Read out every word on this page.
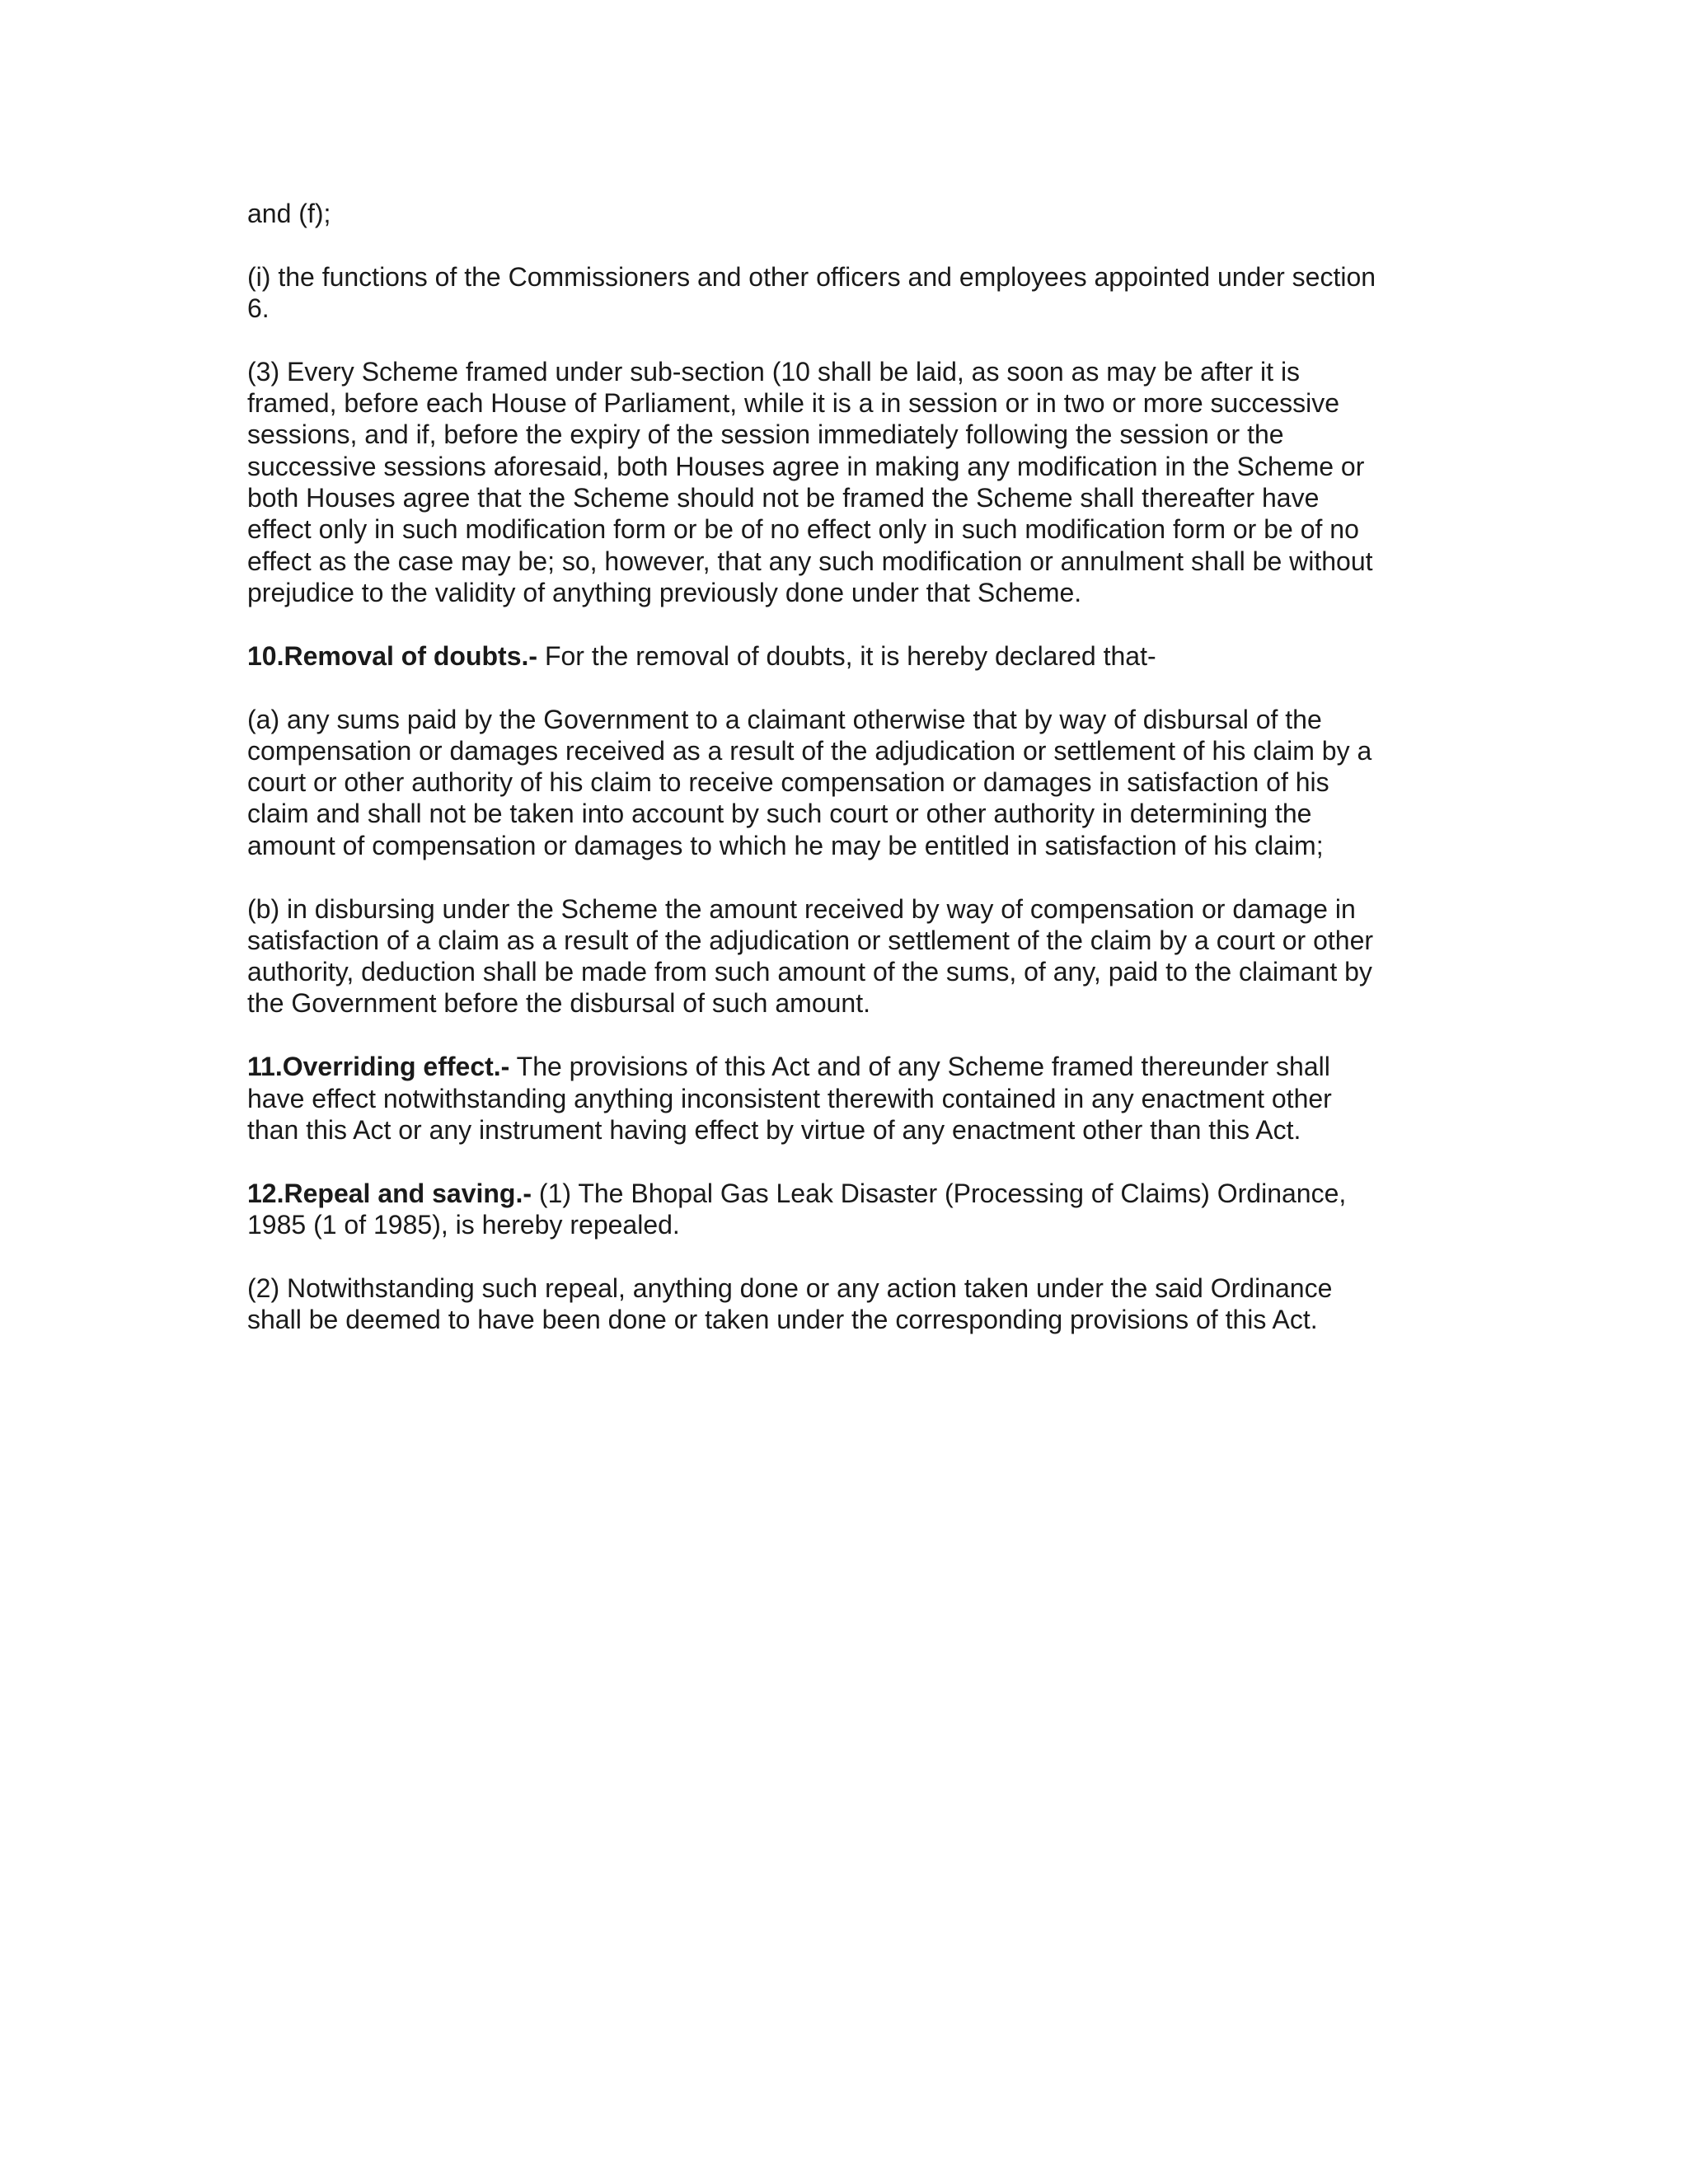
and (f);

(i) the functions of the Commissioners and other officers and employees appointed under section
6.

(3) Every Scheme framed under sub-section (10 shall be laid, as soon as may be after it is
framed, before each House of Parliament, while it is a in session or in two or more successive
sessions, and if, before the expiry of the session immediately following the session or the
successive sessions aforesaid, both Houses agree in making any modification in the Scheme or
both Houses agree that the Scheme should not be framed the Scheme shall thereafter have
effect only in such modification form or be of no effect only in such modification form or be of no
effect as the case may be; so, however, that any such modification or annulment shall be without
prejudice to the validity of anything previously done under that Scheme.

10.Removal of doubts.- For the removal of doubts, it is hereby declared that-

(a) any sums paid by the Government to a claimant otherwise that by way of disbursal of the
compensation or damages received as a result of the adjudication or settlement of his claim by a
court or other authority of his claim to receive compensation or damages in satisfaction of his
claim and shall not be taken into account by such court or other authority in determining the
amount of compensation or damages to which he may be entitled in satisfaction of his claim;

(b) in disbursing under the Scheme the amount received by way of compensation or damage in
satisfaction of a claim as a result of the adjudication or settlement of the claim by a court or other
authority, deduction shall be made from such amount of the sums, of any, paid to the claimant by
the Government before the disbursal of such amount.

11.Overriding effect.- The provisions of this Act and of any Scheme framed thereunder shall
have effect notwithstanding anything inconsistent therewith contained in any enactment other
than this Act or any instrument having effect by virtue of any enactment other than this Act.

12.Repeal and saving.- (1) The Bhopal Gas Leak Disaster (Processing of Claims) Ordinance,
1985 (1 of 1985), is hereby repealed.

(2) Notwithstanding such repeal, anything done or any action taken under the said Ordinance
shall be deemed to have been done or taken under the corresponding provisions of this Act.
